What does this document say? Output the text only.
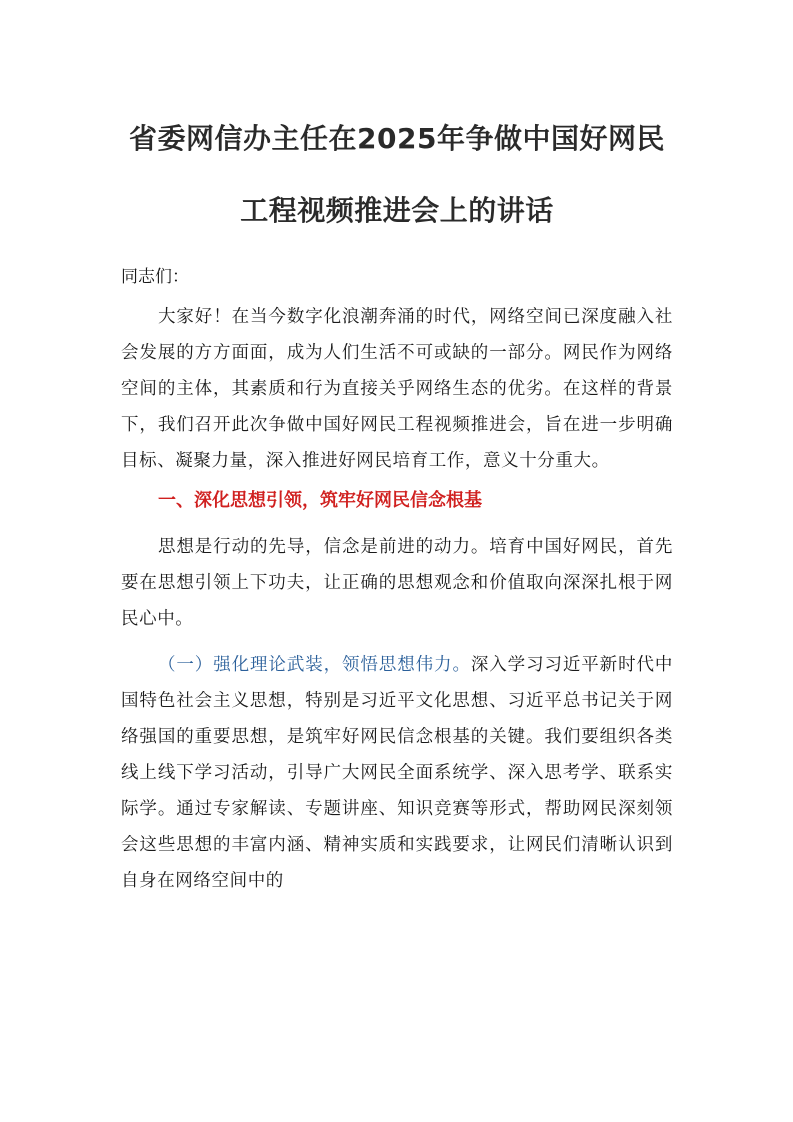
省委网信办主任在2025年争做中国好网民
工程视频推进会上的讲话

同志们：

大家好！在当今数字化浪潮奔涌的时代，网络空间已深度融入社会发展的方方面面，成为人们生活不可或缺的一部分。网民作为网络空间的主体，其素质和行为直接关乎网络生态的优劣。在这样的背景下，我们召开此次争做中国好网民工程视频推进会，旨在进一步明确目标、凝聚力量，深入推进好网民培育工作，意义十分重大。

一、深化思想引领，筑牢好网民信念根基

思想是行动的先导，信念是前进的动力。培育中国好网民，首先要在思想引领上下功夫，让正确的思想观念和价值取向深深扎根于网民心中。

（一）强化理论武装，领悟思想伟力。深入学习习近平新时代中国特色社会主义思想，特别是习近平文化思想、习近平总书记关于网络强国的重要思想，是筑牢好网民信念根基的关键。我们要组织各类线上线下学习活动，引导广大网民全面系统学、深入思考学、联系实际学。通过专家解读、专题讲座、知识竞赛等形式，帮助网民深刻领会这些思想的丰富内涵、精神实质和实践要求，让网民们清晰认识到自身在网络空间中的
